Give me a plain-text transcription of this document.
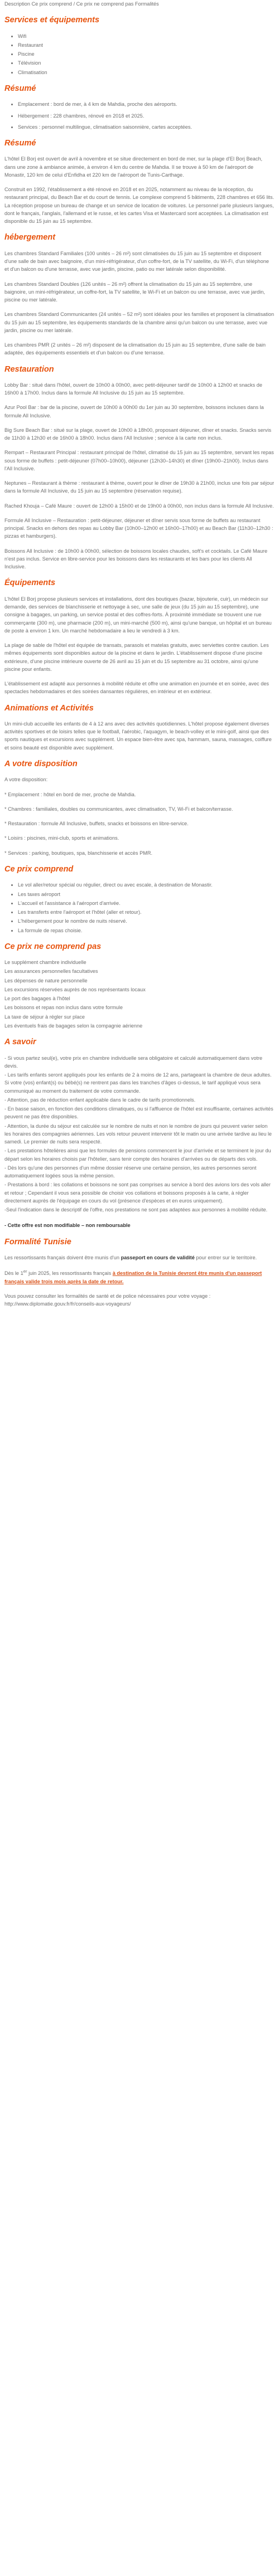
Description Ce prix comprend / Ce prix ne comprend pas Formalités

Services et équipements
• Wifi
• Restaurant
• Piscine
• Télévision
• Climatisation
Résumé
• Emplacement : bord de mer, à 4 km de Mahdia, proche des aéroports.
• Hébergement : 228 chambres, rénové en 2018 et 2025.
• Services : personnel multilingue, climatisation saisonnière, cartes acceptées.
Résumé

L'hôtel El Borj est ouvert de avril à novembre et se situe directement en bord de mer, sur la plage d'El Borj Beach, dans une zone à ambiance animée, à environ 4 km du centre de Mahdia. Il se trouve à 50 km de l'aéroport de Monastir, 120 km de celui d'Enfidha et 220 km de l'aéroport de Tunis-Carthage.

Construit en 1992, l'établissement a été rénové en 2018 et en 2025, notamment au niveau de la réception, du restaurant principal, du Beach Bar et du court de tennis. Le complexe comprend 5 bâtiments, 228 chambres et 656 lits. La réception propose un bureau de change et un service de location de voitures. Le personnel parle plusieurs langues, dont le français, l'anglais, l'allemand et le russe, et les cartes Visa et Mastercard sont acceptées. La climatisation est disponible du 15 juin au 15 septembre.

hébergement

Les chambres Standard Familiales (100 unités – 26 m²) sont climatisées du 15 juin au 15 septembre et disposent d'une salle de bain avec baignoire, d'un mini-réfrigérateur, d'un coffre-fort, de la TV satellite, du Wi-Fi, d'un téléphone et d'un balcon ou d'une terrasse, avec vue jardin, piscine, patio ou mer latérale selon disponibilité.

Les chambres Standard Doubles (126 unités – 26 m²) offrent la climatisation du 15 juin au 15 septembre, une baignoire, un mini-réfrigérateur, un coffre-fort, la TV satellite, le Wi-Fi et un balcon ou une terrasse, avec vue jardin, piscine ou mer latérale.

Les chambres Standard Communicantes (24 unités – 52 m²) sont idéales pour les familles et proposent la climatisation du 15 juin au 15 septembre, les équipements standards de la chambre ainsi qu'un balcon ou une terrasse, avec vue jardin, piscine ou mer latérale.

Les chambres PMR (2 unités – 26 m²) disposent de la climatisation du 15 juin au 15 septembre, d'une salle de bain adaptée, des équipements essentiels et d'un balcon ou d'une terrasse.

Restauration

Lobby Bar : situé dans l'hôtel, ouvert de 10h00 à 00h00, avec petit-déjeuner tardif de 10h00 à 12h00 et snacks de 16h00 à 17h00. Inclus dans la formule All Inclusive du 15 juin au 15 septembre.

Azur Pool Bar : bar de la piscine, ouvert de 10h00 à 00h00 du 1er juin au 30 septembre, boissons incluses dans la formule All Inclusive.

Big Sure Beach Bar : situé sur la plage, ouvert de 10h00 à 18h00, proposant déjeuner, dîner et snacks. Snacks servis de 11h30 à 12h30 et de 16h00 à 18h00. Inclus dans l'All Inclusive ; service à la carte non inclus.

Rempart – Restaurant Principal : restaurant principal de l'hôtel, climatisé du 15 juin au 15 septembre, servant les repas sous forme de buffets : petit-déjeuner (07h00–10h00), déjeuner (12h30–14h30) et dîner (19h00–21h00). Inclus dans l'All Inclusive.

Neptunes – Restaurant à thème : restaurant à thème, ouvert pour le dîner de 19h30 à 21h00, inclus une fois par séjour dans la formule All Inclusive, du 15 juin au 15 septembre (réservation requise).

Rached Khouja – Café Maure : ouvert de 12h00 à 15h00 et de 19h00 à 00h00, non inclus dans la formule All Inclusive.

Formule All Inclusive – Restauration : petit-déjeuner, déjeuner et dîner servis sous forme de buffets au restaurant principal. Snacks en dehors des repas au Lobby Bar (10h00–12h00 et 16h00–17h00) et au Beach Bar (11h30–12h30 : pizzas et hamburgers).

Boissons All Inclusive : de 10h00 à 00h00, sélection de boissons locales chaudes, soft's et cocktails. Le Café Maure n'est pas inclus. Service en libre-service pour les boissons dans les restaurants et les bars pour les clients All Inclusive.

Équipements

L'hôtel El Borj propose plusieurs services et installations, dont des boutiques (bazar, bijouterie, cuir), un médecin sur demande, des services de blanchisserie et nettoyage à sec, une salle de jeux (du 15 juin au 15 septembre), une consigne à bagages, un parking, un service postal et des coffres-forts. À proximité immédiate se trouvent une rue commerçante (300 m), une pharmacie (200 m), un mini-marché (500 m), ainsi qu'une banque, un hôpital et un bureau de poste à environ 1 km. Un marché hebdomadaire a lieu le vendredi à 3 km.

La plage de sable de l'hôtel est équipée de transats, parasols et matelas gratuits, avec serviettes contre caution. Les mêmes équipements sont disponibles autour de la piscine et dans le jardin. L'établissement dispose d'une piscine extérieure, d'une piscine intérieure ouverte de 26 avril au 15 juin et du 15 septembre au 31 octobre, ainsi qu'une piscine pour enfants.

L'établissement est adapté aux personnes à mobilité réduite et offre une animation en journée et en soirée, avec des spectacles hebdomadaires et des soirées dansantes régulières, en intérieur et en extérieur.

Animations et Activités

Un mini-club accueille les enfants de 4 à 12 ans avec des activités quotidiennes. L'hôtel propose également diverses activités sportives et de loisirs telles que le football, l'aérobic, l'aquagym, le beach-volley et le mini-golf, ainsi que des sports nautiques et excursions avec supplément. Un espace bien-être avec spa, hammam, sauna, massages, coiffure et soins beauté est disponible avec supplément.

A votre disposition

A votre disposition:

* Emplacement : hôtel en bord de mer, proche de Mahdia.

* Chambres : familiales, doubles ou communicantes, avec climatisation, TV, Wi-Fi et balcon/terrasse.

* Restauration : formule All Inclusive, buffets, snacks et boissons en libre-service.

* Loisirs : piscines, mini-club, sports et animations.

* Services : parking, boutiques, spa, blanchisserie et accès PMR.

Ce prix comprend
• Le vol aller/retour spécial ou régulier, direct ou avec escale, à destination de Monastir.
• Les taxes aéroport
• L'accueil et l'assistance à l'aéroport d'arrivée.
• Les transferts entre l'aéroport et l'hôtel (aller et retour).
• L'hébergement pour le nombre de nuits réservé.
• La formule de repas choisie.
Ce prix ne comprend pas

Le supplément chambre individuelle

Les assurances personnelles facultatives

Les dépenses de nature personnelle

Les excursions réservées auprès de nos représentants locaux

Le port des bagages à l'hôtel

Les boissons et repas non inclus dans votre formule

La taxe de séjour à régler sur place

Les éventuels frais de bagages selon la compagnie aérienne

A savoir

- Si vous partez seul(e), votre prix en chambre individuelle sera obligatoire et calculé automatiquement dans votre devis.

- Les tarifs enfants seront appliqués pour les enfants de 2 à moins de 12 ans, partageant la chambre de deux adultes. Si votre (vos) enfant(s) ou bébé(s) ne rentrent pas dans les tranches d'âges ci-dessus, le tarif appliqué vous sera communiqué au moment du traitement de votre commande.

- Attention, pas de réduction enfant applicable dans le cadre de tarifs promotionnels.

- En basse saison, en fonction des conditions climatiques, ou si l'affluence de l'hôtel est insuffisante, certaines activités peuvent ne pas être disponibles.

- Attention, la durée du séjour est calculée sur le nombre de nuits et non le nombre de jours qui peuvent varier selon les horaires des compagnies aériennes. Les vols retour peuvent intervenir tôt le matin ou une arrivée tardive au lieu le samedi. Le premier de nuits sera respecté.

- Les prestations hôtelières ainsi que les formules de pensions commencent le jour d'arrivée et se terminent le jour du départ selon les horaires choisis par l'hôtelier, sans tenir compte des horaires d'arrivées ou de départs des vols.

- Dès lors qu'une des personnes d'un même dossier réserve une certaine pension, les autres personnes seront automatiquement logées sous la même pension.

- Prestations à bord : les collations et boissons ne sont pas comprises au service à bord des avions lors des vols aller et retour ; Cependant il vous sera possible de choisir vos collations et boissons proposés à la carte, à régler directement auprès de l'équipage en cours du vol (présence d'espèces et en euros uniquement).

-Seul l'indication dans le descriptif de l'offre, nos prestations ne sont pas adaptées aux personnes à mobilité réduite.

- Cette offre est non modifiable – non remboursable

Formalité Tunisie

Les ressortissants français doivent être munis d'un passeport en cours de validité pour entrer sur le territoire.

Dès le 1er juin 2025, les ressortissants français à destination de la Tunisie devront être munis d'un passeport français valide trois mois après la date de retour.

Vous pouvez consulter les formalités de santé et de police nécessaires pour votre voyage : http://www.diplomatie.gouv.fr/fr/conseils-aux-voyageurs/
